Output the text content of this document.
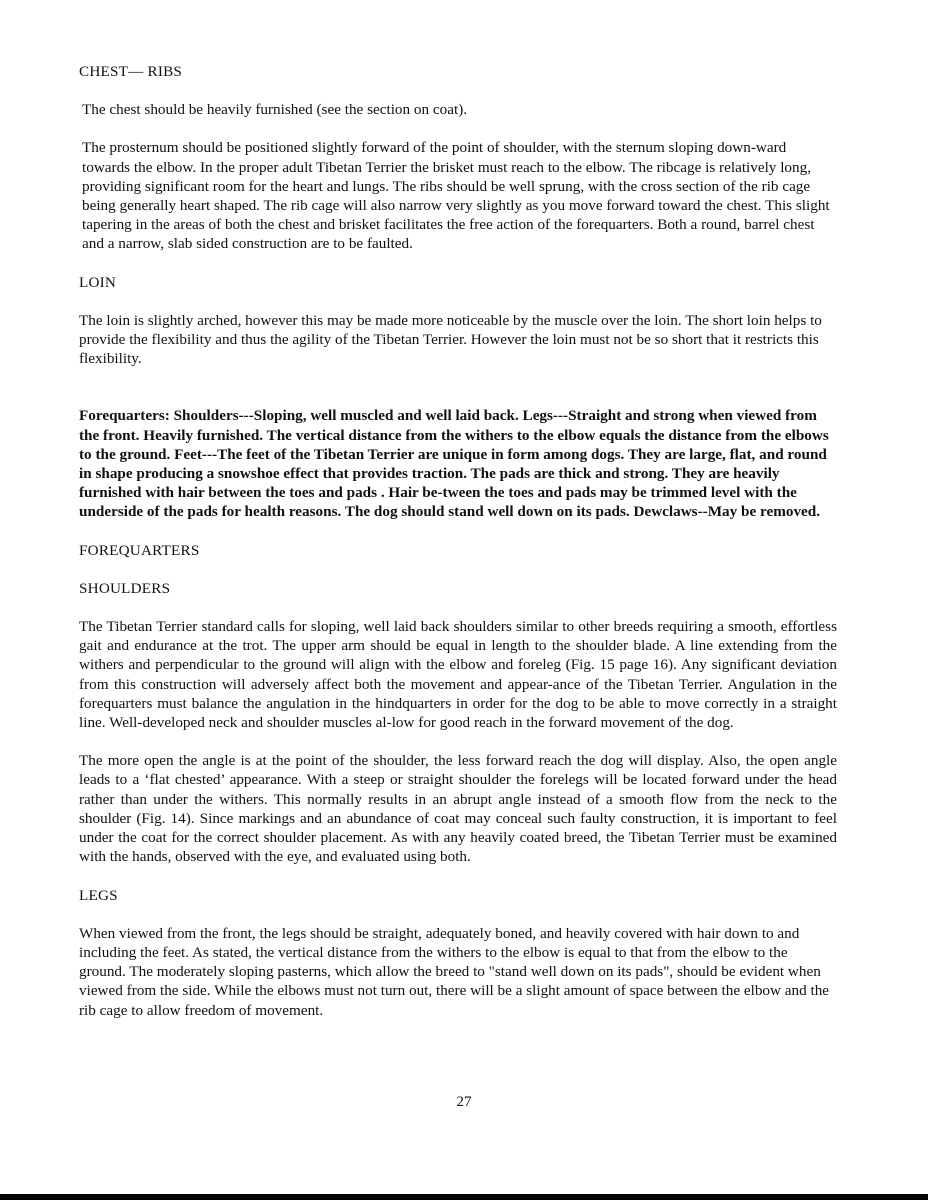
CHEST— RIBS

The chest should be heavily furnished (see the section on coat).

The prosternum should be positioned slightly forward of the point of shoulder, with the sternum sloping down-ward towards the elbow. In the proper adult Tibetan Terrier the brisket must reach to the elbow. The ribcage is relatively long, providing significant room for the heart and lungs. The ribs should be well sprung, with the cross section of the rib cage being generally heart shaped. The rib cage will also narrow very slightly as you move forward toward the chest. This slight tapering in the areas of both the chest and brisket facilitates the free action of the forequarters. Both a round, barrel chest and a narrow, slab sided construction are to be faulted.

LOIN

The loin is slightly arched, however this may be made more noticeable by the muscle over the loin. The short loin helps to provide the flexibility and thus the agility of the Tibetan Terrier. However the loin must not be so short that it restricts this flexibility.

Forequarters: Shoulders---Sloping, well muscled and well laid back. Legs---Straight and strong when viewed from the front. Heavily furnished. The vertical distance from the withers to the elbow equals the distance from the elbows to the ground. Feet---The feet of the Tibetan Terrier are unique in form among dogs. They are large, flat, and round in shape producing a snowshoe effect that provides traction. The pads are thick and strong. They are heavily furnished with hair between the toes and pads . Hair be-tween the toes and pads may be trimmed level with the underside of the pads for health reasons. The dog should stand well down on its pads. Dewclaws--May be removed.

FOREQUARTERS
SHOULDERS

The Tibetan Terrier standard calls for sloping, well laid back shoulders similar to other breeds requiring a smooth, effortless gait and endurance at the trot. The upper arm should be equal in length to the shoulder blade. A line extending from the withers and perpendicular to the ground will align with the elbow and foreleg (Fig. 15 page 16). Any significant deviation from this construction will adversely affect both the movement and appear-ance of the Tibetan Terrier. Angulation in the forequarters must balance the angulation in the hindquarters in order for the dog to be able to move correctly in a straight line. Well-developed neck and shoulder muscles al-low for good reach in the forward movement of the dog.

The more open the angle is at the point of the shoulder, the less forward reach the dog will display. Also, the open angle leads to a ‘flat chested’ appearance. With a steep or straight shoulder the forelegs will be located forward under the head rather than under the withers. This normally results in an abrupt angle instead of a smooth flow from the neck to the shoulder (Fig. 14). Since markings and an abundance of coat may conceal such faulty construction, it is important to feel under the coat for the correct shoulder placement. As with any heavily coated breed, the Tibetan Terrier must be examined with the hands, observed with the eye, and evaluated using both.

LEGS

When viewed from the front, the legs should be straight, adequately boned, and heavily covered with hair down to and including the feet. As stated, the vertical distance from the withers to the elbow is equal to that from the elbow to the ground. The moderately sloping pasterns, which allow the breed to "stand well down on its pads", should be evident when viewed from the side. While the elbows must not turn out, there will be a slight amount of space between the elbow and the rib cage to allow freedom of movement.

27
